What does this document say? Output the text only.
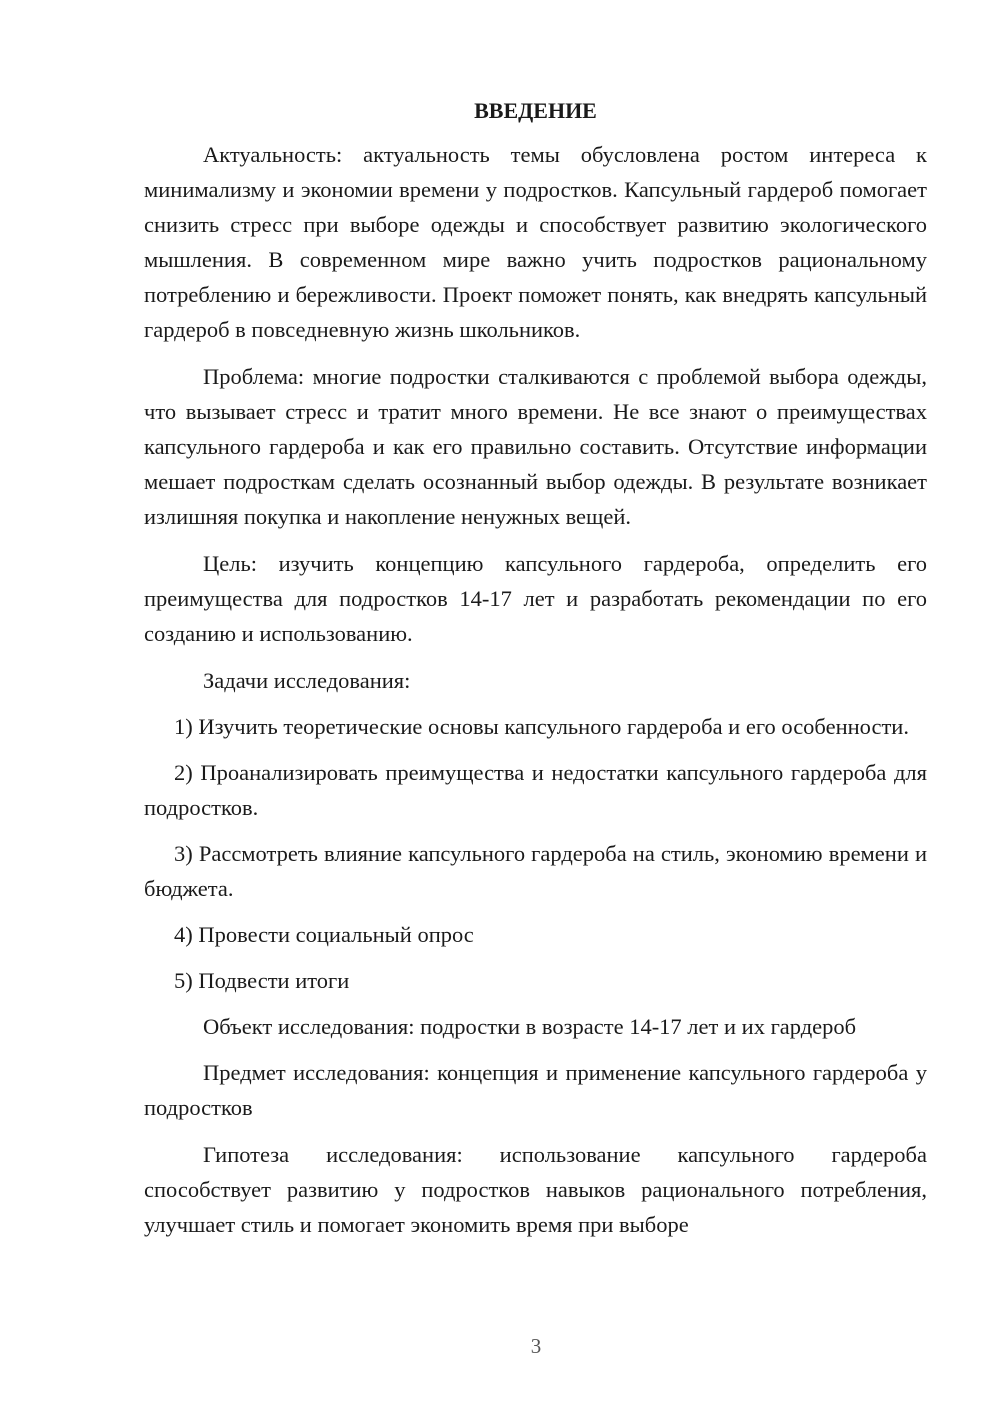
ВВЕДЕНИЕ

Актуальность: актуальность темы обусловлена ростом интереса к минимализму и экономии времени у подростков. Капсульный гардероб помогает снизить стресс при выборе одежды и способствует развитию экологического мышления. В современном мире важно учить подростков рациональному потреблению и бережливости. Проект поможет понять, как внедрять капсульный гардероб в повседневную жизнь школьников.

Проблема: многие подростки сталкиваются с проблемой выбора одежды, что вызывает стресс и тратит много времени. Не все знают о преимуществах капсульного гардероба и как его правильно составить. Отсутствие информации мешает подросткам сделать осознанный выбор одежды. В результате возникает излишняя покупка и накопление ненужных вещей.

Цель: изучить концепцию капсульного гардероба, определить его преимущества для подростков 14-17 лет и разработать рекомендации по его созданию и использованию.

Задачи исследования:

1) Изучить теоретические основы капсульного гардероба и его особенности.

2) Проанализировать преимущества и недостатки капсульного гардероба для подростков.

3) Рассмотреть влияние капсульного гардероба на стиль, экономию времени и бюджета.

4) Провести социальный опрос

5) Подвести итоги

Объект исследования: подростки в возрасте 14-17 лет и их гардероб

Предмет исследования: концепция и применение капсульного гардероба у подростков

Гипотеза исследования: использование капсульного гардероба способствует развитию у подростков навыков рационального потребления, улучшает стиль и помогает экономить время при выборе

3
